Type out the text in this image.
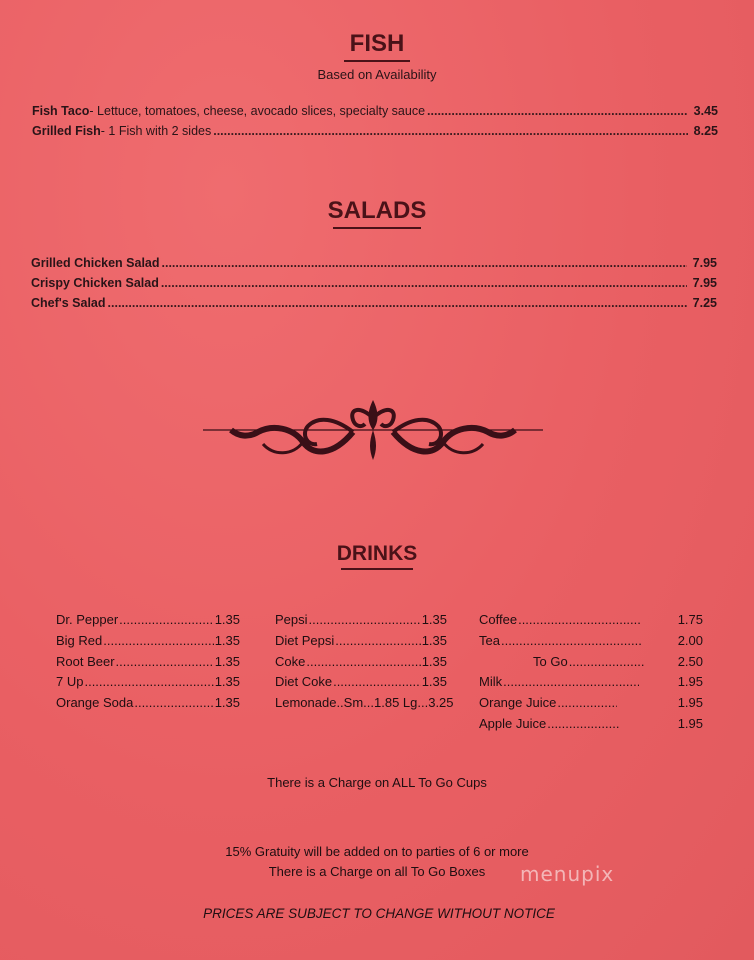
FISH
Based on Availability
Fish Taco - Lettuce, tomatoes, cheese, avocado slices, specialty sauce .....	3.45
Grilled Fish - 1 Fish with 2 sides .....	8.25
SALADS
Grilled Chicken Salad .....	7.95
Crispy Chicken Salad .....	7.95
Chef's Salad .....	7.25
DRINKS
Dr. Pepper .....	1.35
Big Red .....	1.35
Root Beer .....	1.35
7 Up .....	1.35
Orange Soda .....	1.35
Pepsi .....	1.35
Diet Pepsi .....	1.35
Coke .....	1.35
Diet Coke .....	1.35
Lemonade..Sm...1.85 Lg... 3.25
Coffee .....	1.75
Tea .....	2.00
To Go .....	2.50
Milk .....	1.95
Orange Juice .....	1.95
Apple Juice .....	1.95
There is a Charge on ALL To Go Cups
15% Gratuity will be added on to parties of 6 or more
There is a Charge on all To Go Boxes
PRICES ARE SUBJECT TO CHANGE WITHOUT NOTICE
menupix
